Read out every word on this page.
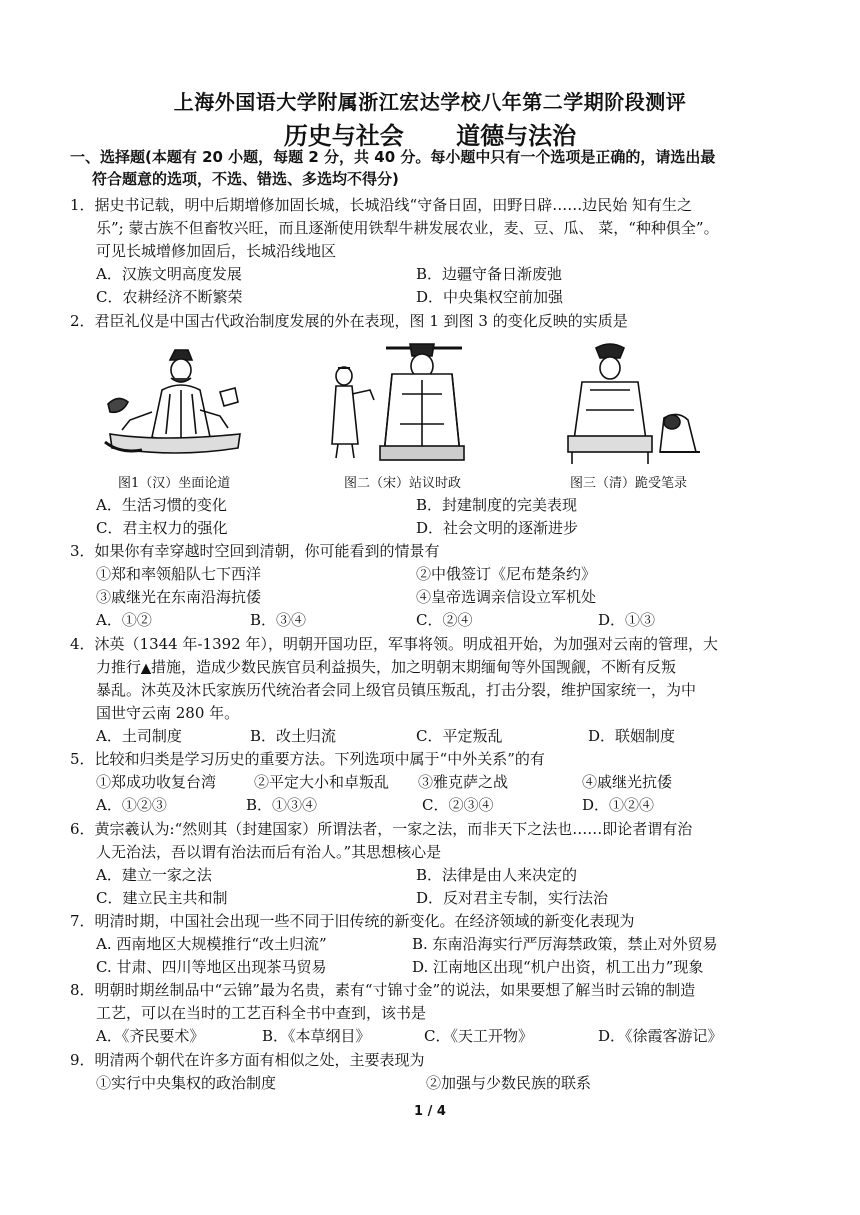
上海外国语大学附属浙江宏达学校八年第二学期阶段测评
历史与社会 道德与法治
一、选择题(本题有 20 小题，每题 2 分，共 40 分。每小题中只有一个选项是正确的，请选出最
符合题意的选项，不选、错选、多选均不得分)
1．据史书记载，明中后期增修加固长城，长城沿线“守备日固，田野日辟……边民始 知有生之
乐”; 蒙古族不但畜牧兴旺，而且逐渐使用铁犁牛耕发展农业，麦、豆、瓜、 菜，“种种俱全”。
可见长城增修加固后，长城沿线地区
A．汉族文明高度发展	B．边疆守备日渐废弛
C．农耕经济不断繁荣	D．中央集权空前加强
2．君臣礼仪是中国古代政治制度发展的外在表现，图 1 到图 3 的变化反映的实质是
图1（汉）坐面论道	图二（宋）站议时政	图三（清）跪受笔录
A．生活习惯的变化	B．封建制度的完美表现
C．君主权力的强化	D．社会文明的逐渐进步
3．如果你有幸穿越时空回到清朝，你可能看到的情景有
①郑和率领船队七下西洋	②中俄签订《尼布楚条约》
③戚继光在东南沿海抗倭	④皇帝选调亲信设立军机处
A．①②	B．③④	C．②④	D．①③
4．沐英（1344 年-1392 年），明朝开国功臣，军事将领。明成祖开始，为加强对云南的管理，大
力推行▲措施，造成少数民族官员利益损失，加之明朝末期缅甸等外国觊觎，不断有反叛
暴乱。沐英及沐氏家族历代统治者会同上级官员镇压叛乱，打击分裂，维护国家统一，为中
国世守云南 280 年。
A．土司制度	B．改土归流	C．平定叛乱	D．联姻制度
5．比较和归类是学习历史的重要方法。下列选项中属于“中外关系”的有
①郑成功收复台湾	②平定大小和卓叛乱 ③雅克萨之战	④戚继光抗倭
A．①②③	B．①③④	C．②③④	D．①②④
6．黄宗羲认为:“然则其（封建国家）所谓法者，一家之法，而非天下之法也……即论者谓有治
人无治法，吾以谓有治法而后有治人。”其思想核心是
A．建立一家之法	B．法律是由人来决定的
C．建立民主共和制	D．反对君主专制，实行法治
7．明清时期，中国社会出现一些不同于旧传统的新变化。在经济领域的新变化表现为
A. 西南地区大规模推行“改土归流”	B. 东南沿海实行严厉海禁政策，禁止对外贸易
C. 甘肃、四川等地区出现茶马贸易	D. 江南地区出现“机户出资，机工出力”现象
8．明朝时期丝制品中“云锦”最为名贵，素有“寸锦寸金”的说法，如果要想了解当时云锦的制造
工艺，可以在当时的工艺百科全书中查到，该书是
A．《齐民要术》	B．《本草纲目》	C．《天工开物》	D．《徐霞客游记》
9．明清两个朝代在许多方面有相似之处，主要表现为
①实行中央集权的政治制度	②加强与少数民族的联系
1 / 4
